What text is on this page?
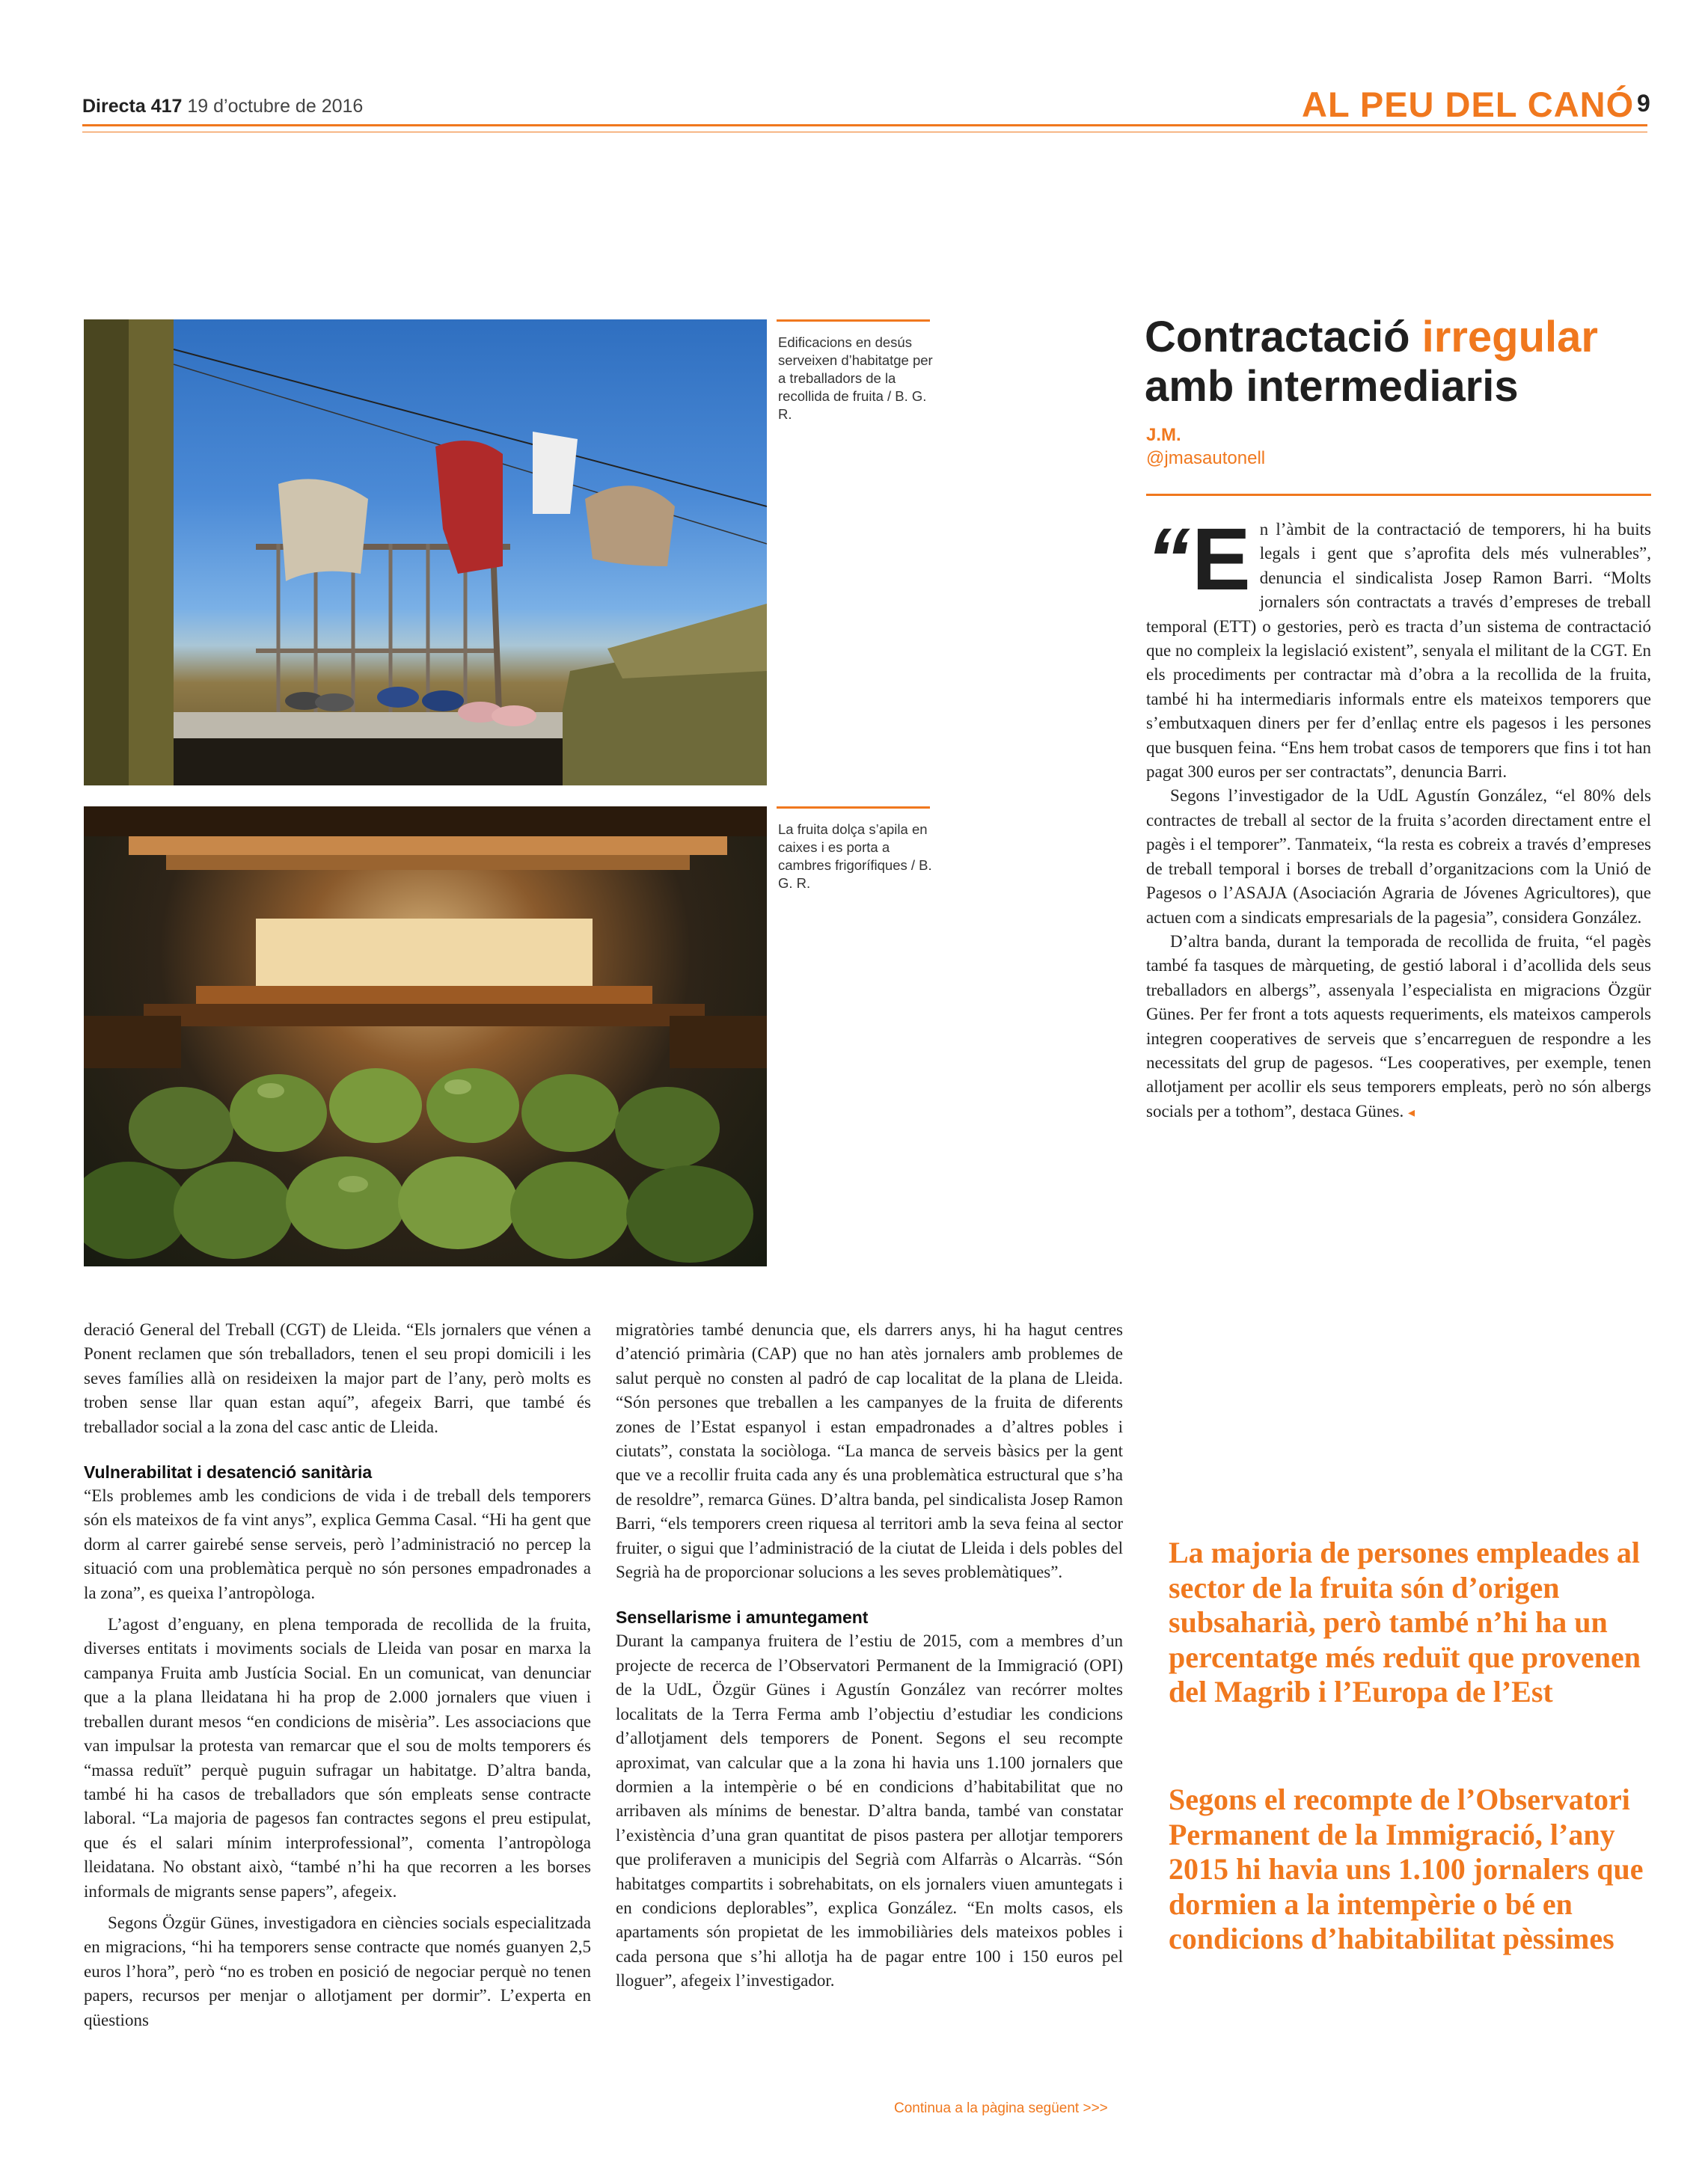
Directa 417 19 d’octubre de 2016	AL PEU DEL CANÓ 9
Edificacions en desús serveixen d’habitatge per a treballadors de la recollida de fruita / B. G. R.
La fruita dolça s’apila en caixes i es porta a cambres frigorífiques / B. G. R.
Contractació irregular amb intermediaris
J.M.
@jmasautonell

“E n l’àmbit de la contractació de temporers, hi ha buits legals i gent que s’aprofita dels més vulnerables”, denuncia el sindicalista Josep Ramon Barri. “Molts jornalers són contractats a través d’empreses de treball temporal (ETT) o gestories, però es tracta d’un sistema de contractació que no compleix la legislació existent”, senyala el militant de la CGT. En els procediments per contractar mà d’obra a la recollida de la fruita, també hi ha intermediaris informals entre els mateixos temporers que s’embutxaquen diners per fer d’enllaç entre els pagesos i les persones que busquen feina. “Ens hem trobat casos de temporers que fins i tot han pagat 300 euros per ser contractats”, denuncia Barri.

Segons l’investigador de la UdL Agustín González, “el 80% dels contractes de treball al sector de la fruita s’acorden directament entre el pagès i el temporer”. Tanmateix, “la resta es cobreix a través d’empreses de treball temporal i borses de treball d’organitzacions com la Unió de Pagesos o l’ASAJA (Asociación Agraria de Jóvenes Agricultores), que actuen com a sindicats empresarials de la pagesia”, considera González.

D’altra banda, durant la temporada de recollida de fruita, “el pagès també fa tasques de màrqueting, de gestió laboral i d’acollida dels seus treballadors en albergs”, assenyala l’especialista en migracions Özgür Günes. Per fer front a tots aquests requeriments, els mateixos camperols integren cooperatives de serveis que s’encarreguen de respondre a les necessitats del grup de pagesos. “Les cooperatives, per exemple, tenen allotjament per acollir els seus temporers empleats, però no són albergs socials per a tothom”, destaca Günes. ◂

deració General del Treball (CGT) de Lleida. “Els jornalers que vénen a Ponent reclamen que són treballadors, tenen el seu propi domicili i les seves famílies allà on resideixen la major part de l’any, però molts es troben sense llar quan estan aquí”, afegeix Barri, que també és treballador social a la zona del casc antic de Lleida.

Vulnerabilitat i desatenció sanitària

“Els problemes amb les condicions de vida i de treball dels temporers són els mateixos de fa vint anys”, explica Gemma Casal. “Hi ha gent que dorm al carrer gairebé sense serveis, però l’administració no percep la situació com una problemàtica perquè no són persones empadronades a la zona”, es queixa l’antropòloga.

L’agost d’enguany, en plena temporada de recollida de la fruita, diverses entitats i moviments socials de Lleida van posar en marxa la campanya Fruita amb Justícia Social. En un comunicat, van denunciar que a la plana lleidatana hi ha prop de 2.000 jornalers que viuen i treballen durant mesos “en condicions de misèria”. Les associacions que van impulsar la protesta van remarcar que el sou de molts temporers és “massa reduït” perquè puguin sufragar un habitatge. D’altra banda, també hi ha casos de treballadors que són empleats sense contracte laboral. “La majoria de pagesos fan contractes segons el preu estipulat, que és el salari mínim interprofessional”, comenta l’antropòloga lleidatana. No obstant això, “també n’hi ha que recorren a les borses informals de migrants sense papers”, afegeix.

Segons Özgür Günes, investigadora en ciències socials especialitzada en migracions, “hi ha temporers sense contracte que només guanyen 2,5 euros l’hora”, però “no es troben en posició de negociar perquè no tenen papers, recursos per menjar o allotjament per dormir”. L’experta en qüestions

migratòries també denuncia que, els darrers anys, hi ha hagut centres d’atenció primària (CAP) que no han atès jornalers amb problemes de salut perquè no consten al padró de cap localitat de la plana de Lleida. “Són persones que treballen a les campanyes de la fruita de diferents zones de l’Estat espanyol i estan empadronades a d’altres pobles i ciutats”, constata la sociòloga. “La manca de serveis bàsics per la gent que ve a recollir fruita cada any és una problemàtica estructural que s’ha de resoldre”, remarca Günes. D’altra banda, pel sindicalista Josep Ramon Barri, “els temporers creen riquesa al territori amb la seva feina al sector fruiter, o sigui que l’administració de la ciutat de Lleida i dels pobles del Segrià ha de proporcionar solucions a les seves problemàtiques”.

Sensellarisme i amuntegament

Durant la campanya fruitera de l’estiu de 2015, com a membres d’un projecte de recerca de l’Observatori Permanent de la Immigració (OPI) de la UdL, Özgür Günes i Agustín González van recórrer moltes localitats de la Terra Ferma amb l’objectiu d’estudiar les condicions d’allotjament dels temporers de Ponent. Segons el seu recompte aproximat, van calcular que a la zona hi havia uns 1.100 jornalers que dormien a la intempèrie o bé en condicions d’habitabilitat que no arribaven als mínims de benestar. D’altra banda, també van constatar l’existència d’una gran quantitat de pisos pastera per allotjar temporers que proliferaven a municipis del Segrià com Alfarràs o Alcarràs. “Són habitatges compartits i sobrehabitats, on els jornalers viuen amuntegats i en condicions deplorables”, explica González. “En molts casos, els apartaments són propietat de les immobiliàries dels mateixos pobles i cada persona que s’hi allotja ha de pagar entre 100 i 150 euros pel lloguer”, afegeix l’investigador.

Continua a la pàgina següent >>>
La majoria de persones empleades al sector de la fruita són d’origen subsaharià, però també n’hi ha un percentatge més reduït que provenen del Magrib i l’Europa de l’Est
Segons el recompte de l’Observatori Permanent de la Immigració, l’any 2015 hi havia uns 1.100 jornalers que dormien a la intempèrie o bé en condicions d’habitabilitat pèssimes
